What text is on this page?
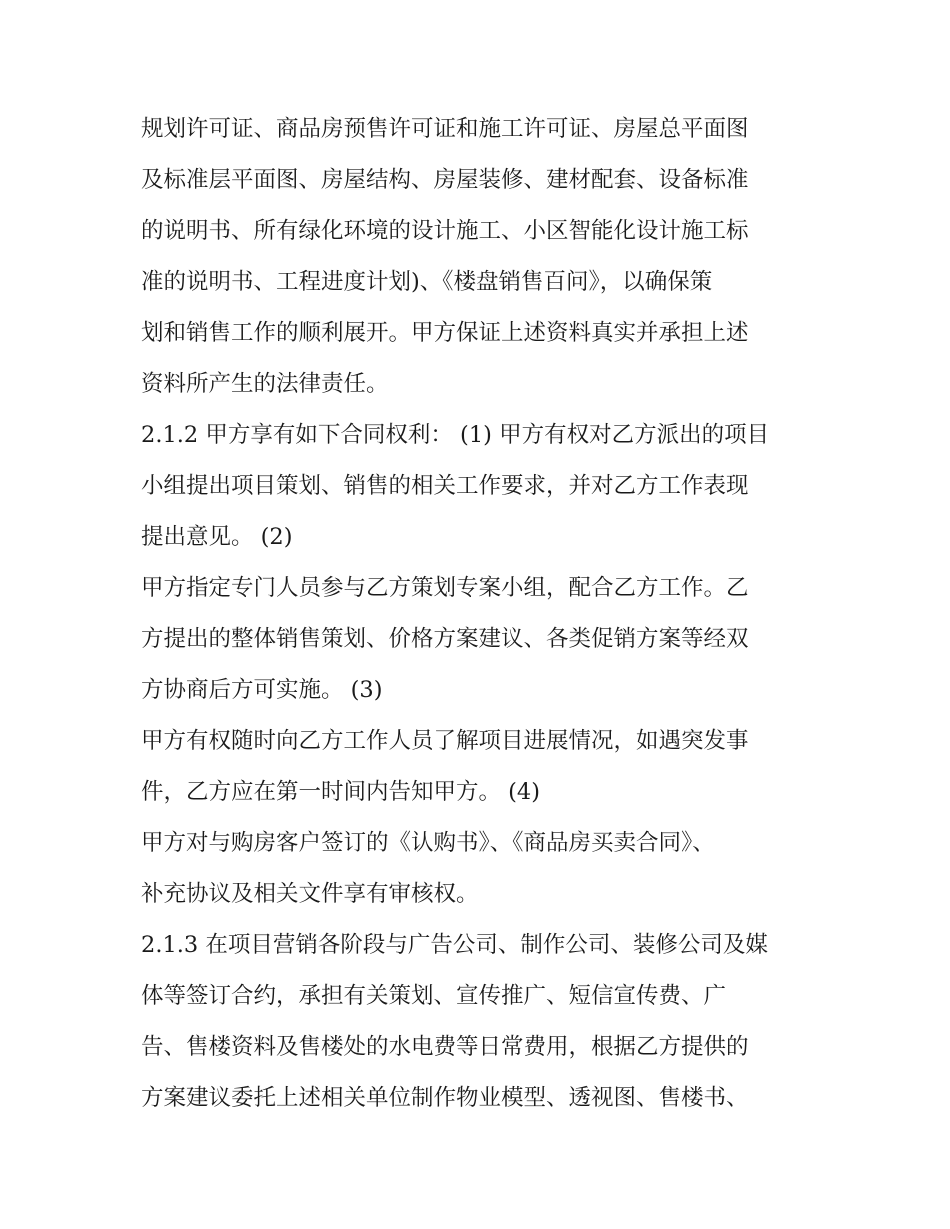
规划许可证、商品房预售许可证和施工许可证、房屋总平面图
及标准层平面图、房屋结构、房屋装修、建材配套、设备标准
的说明书、所有绿化环境的设计施工、小区智能化设计施工标
准的说明书、工程进度计划)、《楼盘销售百问》，以确保策
划和销售工作的顺利展开。甲方保证上述资料真实并承担上述
资料所产生的法律责任。
2.1.2 甲方享有如下合同权利： (1) 甲方有权对乙方派出的项目
小组提出项目策划、销售的相关工作要求，并对乙方工作表现
提出意见。 (2)
甲方指定专门人员参与乙方策划专案小组，配合乙方工作。乙
方提出的整体销售策划、价格方案建议、各类促销方案等经双
方协商后方可实施。 (3)
甲方有权随时向乙方工作人员了解项目进展情况，如遇突发事
件，乙方应在第一时间内告知甲方。 (4)
甲方对与购房客户签订的《认购书》、《商品房买卖合同》、
补充协议及相关文件享有审核权。
2.1.3 在项目营销各阶段与广告公司、制作公司、装修公司及媒
体等签订合约，承担有关策划、宣传推广、短信宣传费、广
告、售楼资料及售楼处的水电费等日常费用，根据乙方提供的
方案建议委托上述相关单位制作物业模型、透视图、售楼书、
